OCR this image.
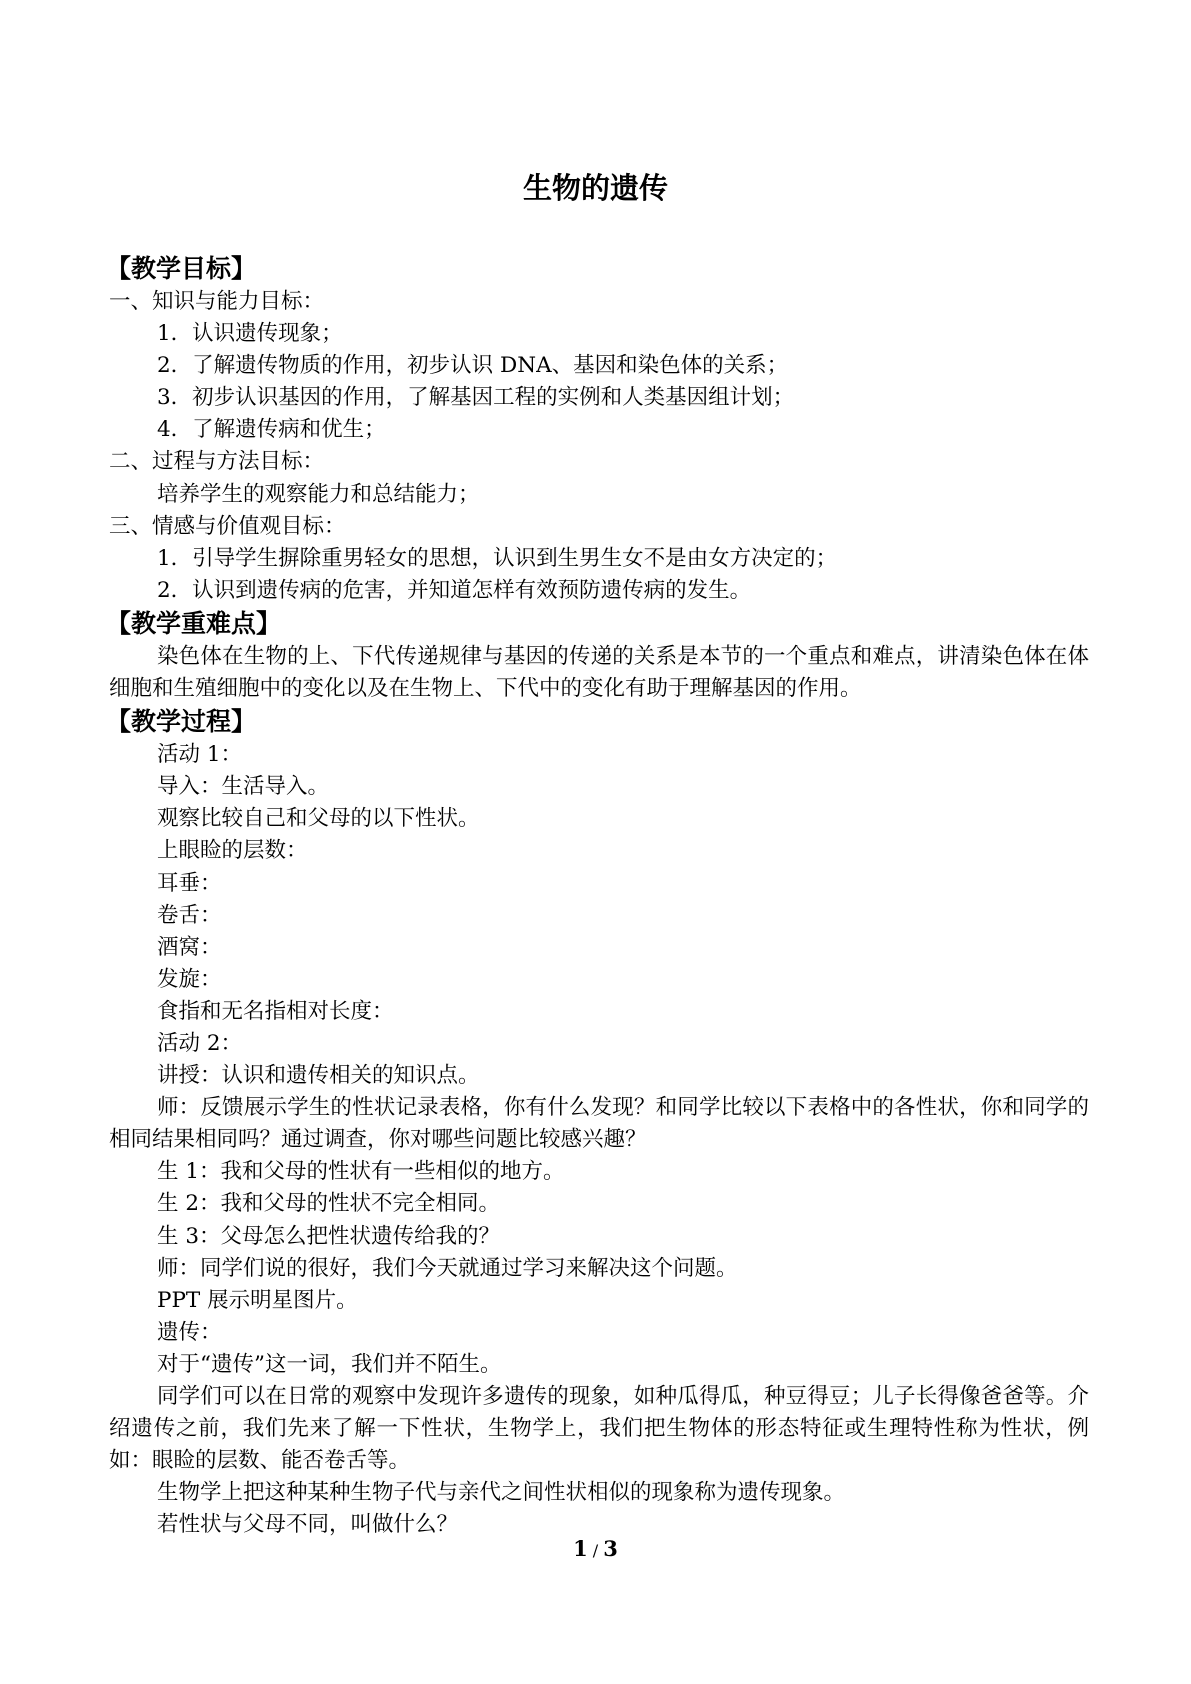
生物的遗传
【教学目标】
一、知识与能力目标：
1．认识遗传现象；
2．了解遗传物质的作用，初步认识 DNA、基因和染色体的关系；
3．初步认识基因的作用，了解基因工程的实例和人类基因组计划；
4．了解遗传病和优生；
二、过程与方法目标：
培养学生的观察能力和总结能力；
三、情感与价值观目标：
1．引导学生摒除重男轻女的思想，认识到生男生女不是由女方决定的；
2．认识到遗传病的危害，并知道怎样有效预防遗传病的发生。
【教学重难点】
染色体在生物的上、下代传递规律与基因的传递的关系是本节的一个重点和难点，讲清染色体在体细胞和生殖细胞中的变化以及在生物上、下代中的变化有助于理解基因的作用。
【教学过程】
活动 1：
导入：生活导入。
观察比较自己和父母的以下性状。
上眼睑的层数：
耳垂：
卷舌：
酒窝：
发旋：
食指和无名指相对长度：
活动 2：
讲授：认识和遗传相关的知识点。
师：反馈展示学生的性状记录表格，你有什么发现？和同学比较以下表格中的各性状，你和同学的相同结果相同吗？通过调查，你对哪些问题比较感兴趣？
生 1：我和父母的性状有一些相似的地方。
生 2：我和父母的性状不完全相同。
生 3：父母怎么把性状遗传给我的？
师：同学们说的很好，我们今天就通过学习来解决这个问题。
PPT 展示明星图片。
遗传：
对于“遗传”这一词，我们并不陌生。
同学们可以在日常的观察中发现许多遗传的现象，如种瓜得瓜，种豆得豆；儿子长得像爸爸等。介绍遗传之前，我们先来了解一下性状，生物学上，我们把生物体的形态特征或生理特性称为性状，例如：眼睑的层数、能否卷舌等。
生物学上把这种某种生物子代与亲代之间性状相似的现象称为遗传现象。
若性状与父母不同，叫做什么？
1 / 3
